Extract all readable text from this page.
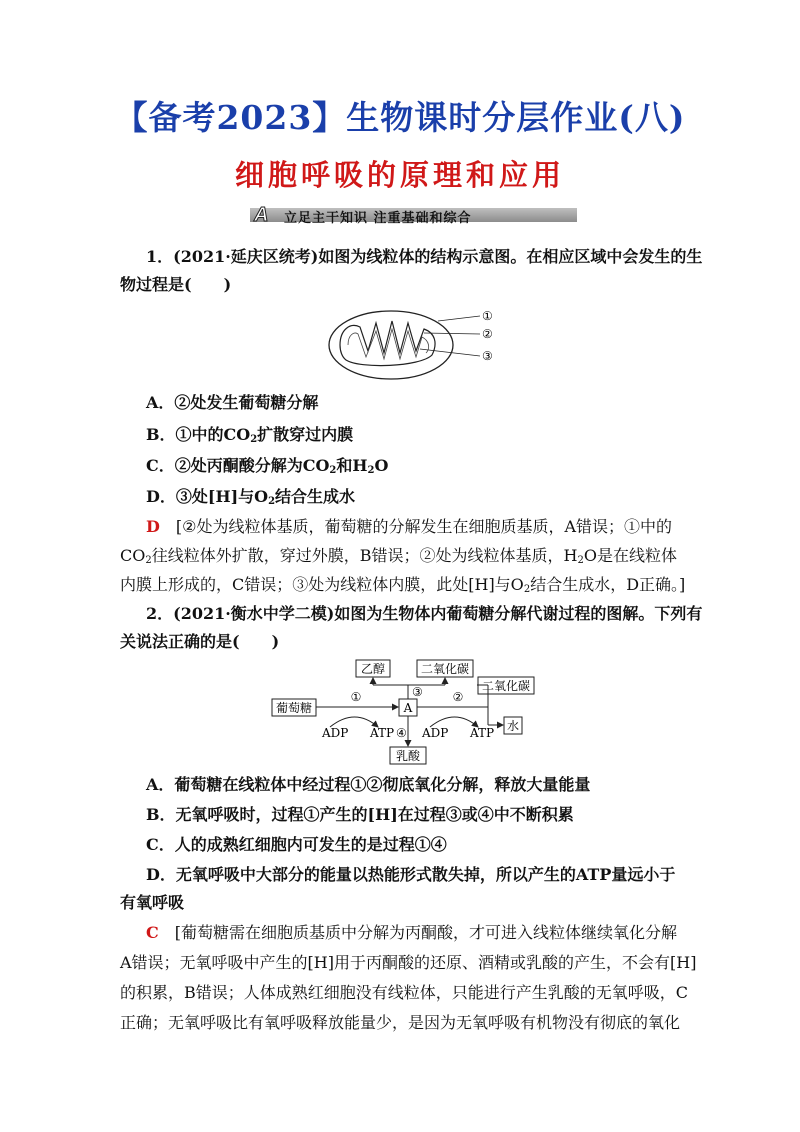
【备考2023】生物课时分层作业(八)
细胞呼吸的原理和应用
A 立足主干知识 注重基础和综合
1．(2021·延庆区统考)如图为线粒体的结构示意图。在相应区域中会发生的生
物过程是(　　)
①
②
③
A．②处发生葡萄糖分解
B．①中的$CO_2$扩散穿过内膜
C．②处丙酮酸分解为$CO_2$和$H_2O$
D．③处[H]与$O_2$结合生成水
D　 [②处为线粒体基质，葡萄糖的分解发生在细胞质基质，A错误；①中的
$CO_2$往线粒体外扩散，穿过外膜，B错误；②处为线粒体基质，$H_2O$是在线粒体
内膜上形成的，C错误；③处为线粒体内膜，此处[H]与$O_2$结合生成水，D正确。]
2．(2021·衡水中学二模)如图为生物体内葡萄糖分解代谢过程的图解。下列有
关说法正确的是(　　)
葡萄糖	A
乙醇	二氧化碳
二氧化碳
水
乳酸
①	②
③
④
ADP ATP ADP ATP
A．葡萄糖在线粒体中经过程①②彻底氧化分解，释放大量能量
B．无氧呼吸时，过程①产生的[H]在过程③或④中不断积累
C．人的成熟红细胞内可发生的是过程①④
D．无氧呼吸中大部分的能量以热能形式散失掉，所以产生的ATP量远小于
有氧呼吸
C　 [葡萄糖需在细胞质基质中分解为丙酮酸，才可进入线粒体继续氧化分解
A错误；无氧呼吸中产生的[H]用于丙酮酸的还原、酒精或乳酸的产生，不会有[H]
的积累，B错误；人体成熟红细胞没有线粒体，只能进行产生乳酸的无氧呼吸，C
正确；无氧呼吸比有氧呼吸释放能量少，是因为无氧呼吸有机物没有彻底的氧化
